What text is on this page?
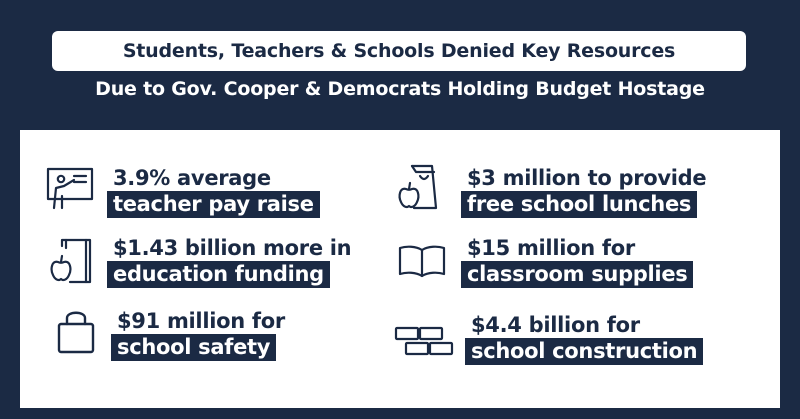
Students, Teachers & Schools Denied Key Resources
Due to Gov. Cooper & Democrats Holding Budget Hostage
3.9% average
teacher pay raise
$3 million to provide
free school lunches
$1.43 billion more in
education funding
$15 million for
classroom supplies
$91 million for
school safety
$4.4 billion for
school construction
